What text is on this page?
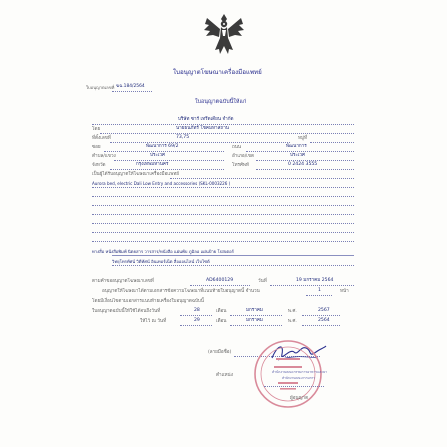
ใบอนุญาตโฆษณาเครื่องมือแพทย์
ใบอนุญาตเลขที่ ฆฉ.184/2564
ใบอนุญาตฉบับนี้ให้แก่
บริษัท ซาร์ เทรีดเดียน จำกัด
โดย	นายธนภัทร์ โชคมหาสถาน
ที่ตั้งเลขที่	73,75	หมู่ที่
ซอย	พัฒนาการ 69/2	ถนน	พัฒนาการ
ตำบล/แขวง	ประเวศ	อำเภอ/เขต	ประเวศ
จังหวัด	กรุงเทพมหานคร	โทรศัพท์	0 2424 3555
เป็นผู้ได้รับอนุญาตให้โฆษณาเครื่องมือแพทย์
Aurora bed, electric Dali Low Entry and accessories (SKL-0003226 )
ทางสื่อ หนังสือพิมพ์ นิตยสาร วารสาร/หนังสือ แผ่นพับ ภูมิลอ แผ่นป้าย โปสเตอร์
วิทยุโทรทัศน์ วิดีทัศน์ อินเทอร์เน็ต สื่อออนไลน์ เว็บไซต์
ตามคำขออนุญาตโฆษณาเลขที่	AD6400129	วันที่	19 มกราคม 2564
อนุญาตให้โฆษณาได้ตามเอกสารข้อความโฆษณาที่แนบท้ายใบอนุญาตนี้ จำนวน	1	หน้า
โดยมีเงื่อนไขตามเอกสารแนบท้ายเครื่องใบอนุญาตฉบับนี้
ใบอนุญาตฉบับนี้ให้ใช้ได้จนถึงวันที่	28	เดือน	มกราคม	พ.ศ.	2567
ให้ไว้ ณ วันที่	29	เดือน	มกราคม	พ.ศ.	2564
(ลายมือชื่อ)
ตำแหน่ง
สำนักงานคณะกรรมการอาหารและยา
สำนักงานคณะกรรมการ
ผู้อนุญาต
